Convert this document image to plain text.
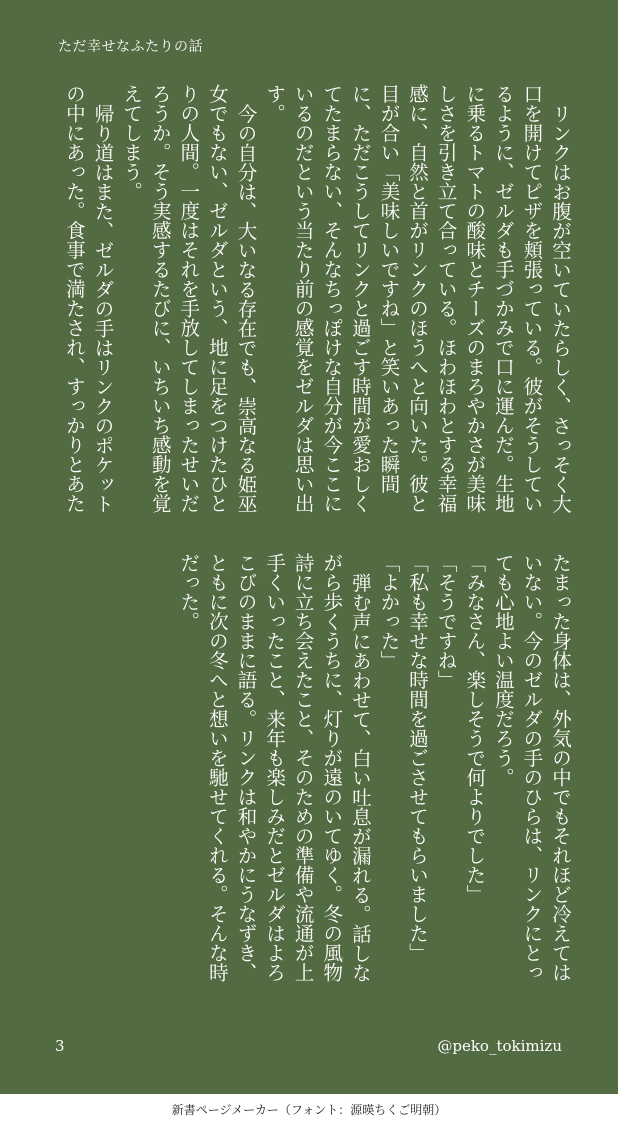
ただ幸せなふたりの話

リンクはお腹が空いていたらしく、さっそく大口を開けてピザを頬張っている。彼がそうしているように、ゼルダも手づかみで口に運んだ。生地に乗るトマトの酸味とチーズのまろやかさが美味しさを引き立て合っている。ほわほわとする幸福感に、自然と首がリンクのほうへと向いた。彼と目が合い「美味しいですね」と笑いあった瞬間に、ただこうしてリンクと過ごす時間が愛おしくてたまらない、そんなちっぽけな自分が今ここにいるのだという当たり前の感覚をゼルダは思い出す。

今の自分は、大いなる存在でも、崇高なる姫巫女でもない、ゼルダという、地に足をつけたひとりの人間。一度はそれを手放してしまったせいだろうか。そう実感するたびに、いちいち感動を覚えてしまう。

帰り道はまた、ゼルダの手はリンクのポケットの中にあった。食事で満たされ、すっかりとあたたまった身体は、外気の中でもそれほど冷えてはいない。今のゼルダの手のひらは、リンクにとっても心地よい温度だろう。

「みなさん、楽しそうで何よりでした」

「そうですね」

「私も幸せな時間を過ごさせてもらいました」

「よかった」

弾む声にあわせて、白い吐息が漏れる。話しながら歩くうちに、灯りが遠のいてゆく。冬の風物詩に立ち会えたこと、そのための準備や流通が上手くいったこと、来年も楽しみだとゼルダはよろこびのままに語る。リンクは和やかにうなずき、ともに次の冬へと想いを馳せてくれる。そんな時だった。

3	@peko_tokimizu
新書ページメーカー（フォント：源暎ちくご明朝）
